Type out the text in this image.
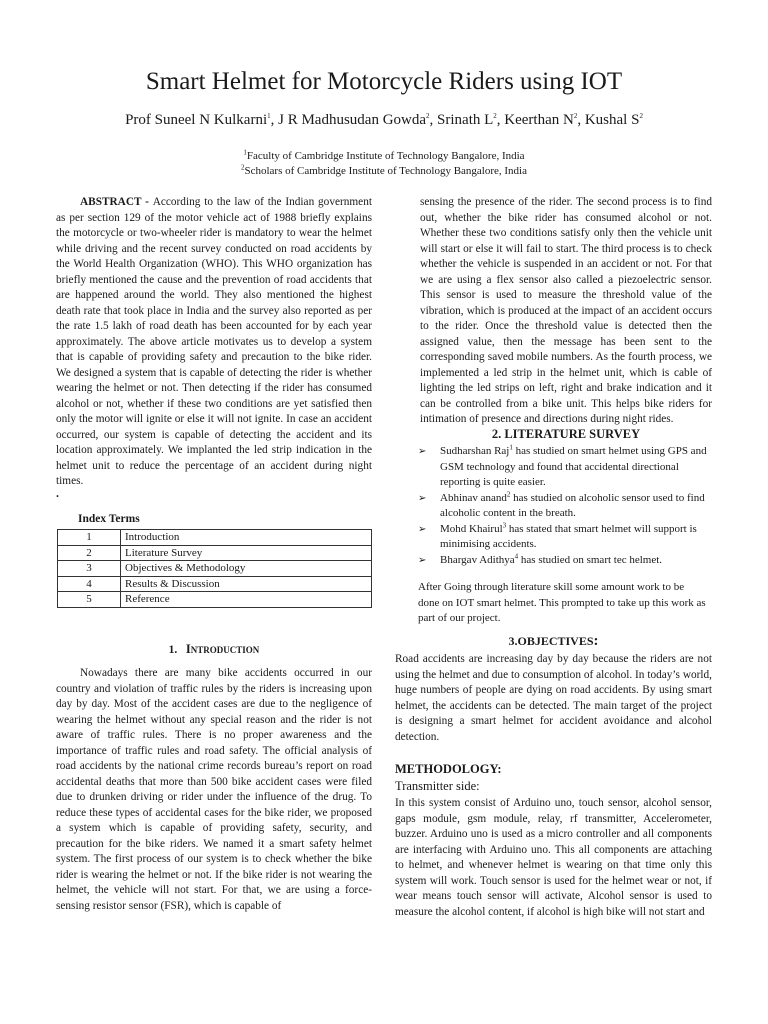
Smart Helmet for Motorcycle Riders using IOT
Prof Suneel N Kulkarni$^1$, J R Madhusudan Gowda$^2$, Srinath $L^2$, Keerthan $N^2$, Kushal $S^2$
$^1$Faculty of Cambridge Institute of Technology Bangalore, India
$^2$Scholars of Cambridge Institute of Technology Bangalore, India
ABSTRACT - According to the law of the Indian government as per section 129 of the motor vehicle act of 1988 briefly explains the motorcycle or two-wheeler rider is mandatory to wear the helmet while driving and the recent survey conducted on road accidents by the World Health Organization (WHO). This WHO organization has briefly mentioned the cause and the prevention of road accidents that are happened around the world. They also mentioned the highest death rate that took place in India and the survey also reported as per the rate 1.5 lakh of road death has been accounted for by each year approximately. The above article motivates us to develop a system that is capable of providing safety and precaution to the bike rider. We designed a system that is capable of detecting the rider is whether wearing the helmet or not. Then detecting if the rider has consumed alcohol or not, whether if these two conditions are yet satisfied then only the motor will ignite or else it will not ignite. In case an accident occurred, our system is capable of detecting the accident and its location approximately. We implanted the led strip indication in the helmet unit to reduce the percentage of an accident during night times.
.
Index Terms
1	Introduction
2	Literature Survey
3	Objectives & Methodology
4	Results & Discussion
5	Reference
1. INTRODUCTION
Nowadays there are many bike accidents occurred in our country and violation of traffic rules by the riders is increasing upon day by day. Most of the accident cases are due to the negligence of wearing the helmet without any special reason and the rider is not aware of traffic rules. There is no proper awareness and the importance of traffic rules and road safety. The official analysis of road accidents by the national crime records bureau’s report on road accidental deaths that more than 500 bike accident cases were filed due to drunken driving or rider under the influence of the drug. To reduce these types of accidental cases for the bike rider, we proposed a system which is capable of providing safety, security, and precaution for the bike riders. We named it a smart safety helmet system. The first process of our system is to check whether the bike rider is wearing the helmet or not. If the bike rider is not wearing the helmet, the vehicle will not start. For that, we are using a force-sensing resistor sensor (FSR), which is capable of
sensing the presence of the rider. The second process is to find out, whether the bike rider has consumed alcohol or not. Whether these two conditions satisfy only then the vehicle unit will start or else it will fail to start. The third process is to check whether the vehicle is suspended in an accident or not. For that we are using a flex sensor also called a piezoelectric sensor. This sensor is used to measure the threshold value of the vibration, which is produced at the impact of an accident occurs to the rider. Once the threshold value is detected then the assigned value, then the message has been sent to the corresponding saved mobile numbers. As the fourth process, we implemented a led strip in the helmet unit, which is cable of lighting the led strips on left, right and brake indication and it can be controlled from a bike unit. This helps bike riders for intimation of presence and directions during night rides.
2. LITERATURE SURVEY
➢ Sudharshan Raj$^1$ has studied on smart helmet using GPS and GSM technology and found that accidental directional reporting is quite easier.
➢ Abhinav anand$^2$ has studied on alcoholic sensor used to find alcoholic content in the breath.
➢ Mohd Khairul$^3$ has stated that smart helmet will support is minimising accidents.
➢ Bhargav Adithya$^4$ has studied on smart tec helmet.
After Going through literature skill some amount work to be done on IOT smart helmet. This prompted to take up this work as part of our project.
3.OBJECTIVES:
Road accidents are increasing day by day because the riders are not using the helmet and due to consumption of alcohol. In today’s world, huge numbers of people are dying on road accidents. By using smart helmet, the accidents can be detected. The main target of the project is designing a smart helmet for accident avoidance and alcohol detection.
METHODOLOGY:
Transmitter side:
In this system consist of Arduino uno, touch sensor, alcohol sensor, gaps module, gsm module, relay, rf transmitter, Accelerometer, buzzer. Arduino uno is used as a micro controller and all components are interfacing with Arduino uno. This all components are attaching to helmet, and whenever helmet is wearing on that time only this system will work. Touch sensor is used for the helmet wear or not, if wear means touch sensor will activate, Alcohol sensor is used to measure the alcohol content, if alcohol is high bike will not start and
